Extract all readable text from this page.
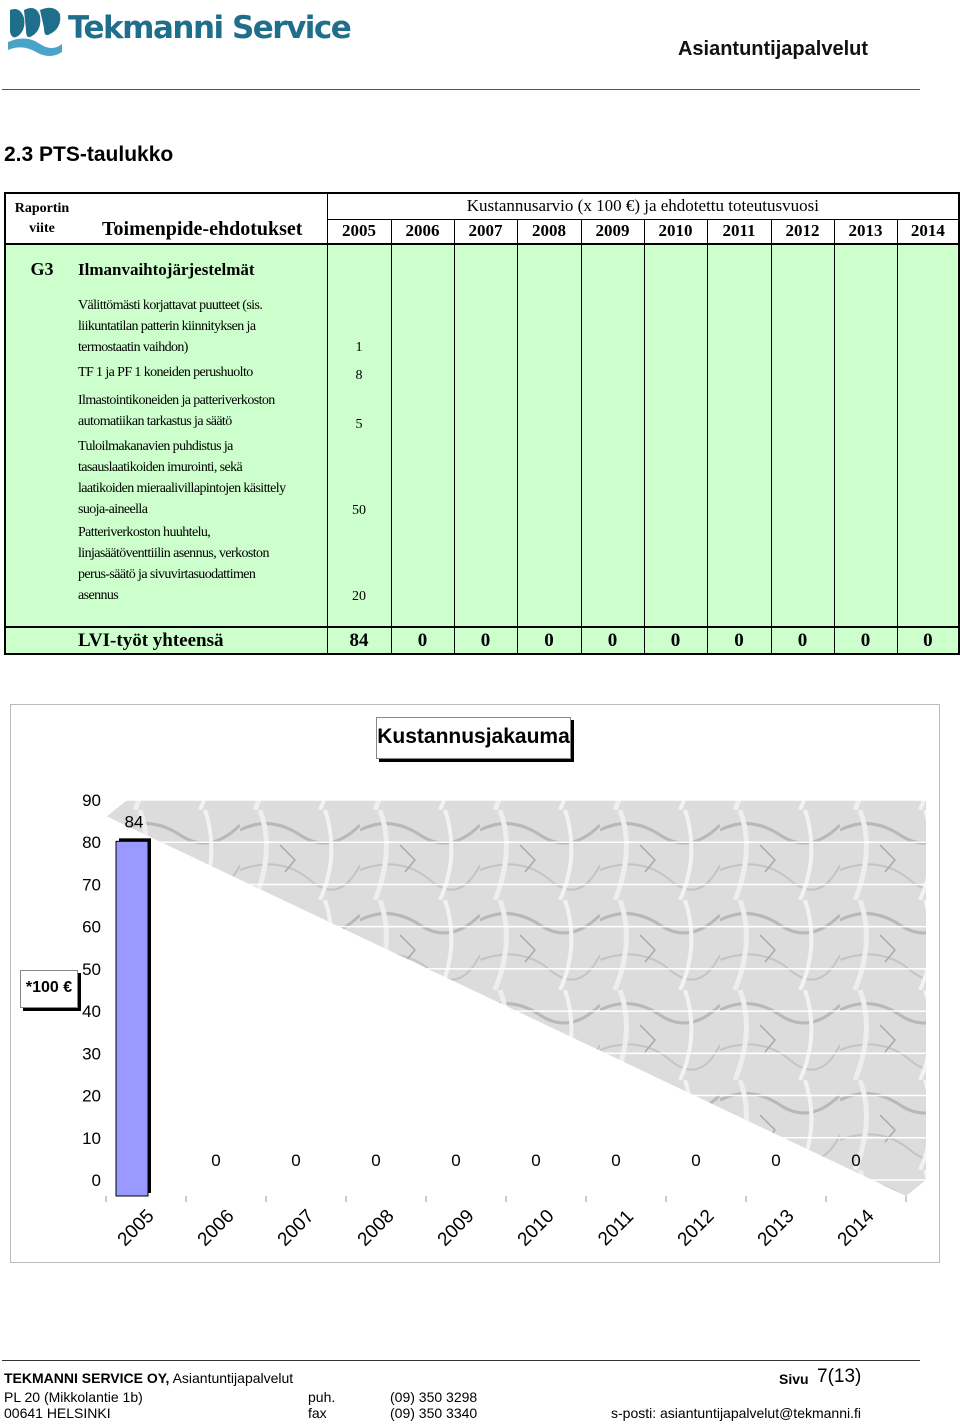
Tekmanni Service
Asiantuntijapalvelut
2.3 PTS-taulukko
Raportin
viite	Toimenpide-ehdotukset	Kustannusarvio (x 100 €) ja ehdotettu toteutusvuosi									
		2005	2006	2007	2008	2009	2010	2011	2012	2013	2014
G3	Ilmanvaihtojärjestelmät										

	Välittömästi korjattavat puutteet (sis.
liikuntatilan patterin kiinnityksen ja
termostaatin vaihdon)	1									

	TF 1 ja PF 1 koneiden perushuolto	8									

	Ilmastointikoneiden ja patteriverkoston
automatiikan tarkastus ja säätö	5									

	Tuloilmakanavien puhdistus ja
tasauslaatikoiden imurointi, sekä
laatikoiden mieraalivillapintojen käsittely
suoja-aineella	50									

	Patteriverkoston huuhtelu,
linjasäätöventtiilin asennus, verkoston
perus-säätö ja sivuvirtasuodattimen
asennus	20									

	LVI-työt yhteensä	84	0	0	0	0	0	0	0	0	0
0
10
20
30
40
50
60
70
80
90
84
2005
0
2006
0
2007
0
2008
0
2009
0
2010
0
2011
0
2012
0
2013
0
2014
Kustannusjakauma
*100 €
TEKMANNI SERVICE OY, Asiantuntijapalvelut	Sivu 7(13)
PL 20 (Mikkolantie 1b)
00641 HELSINKI
puh.	(09) 350 3298
fax	(09) 350 3340	s-posti: asiantuntijapalvelut@tekmanni.fi
